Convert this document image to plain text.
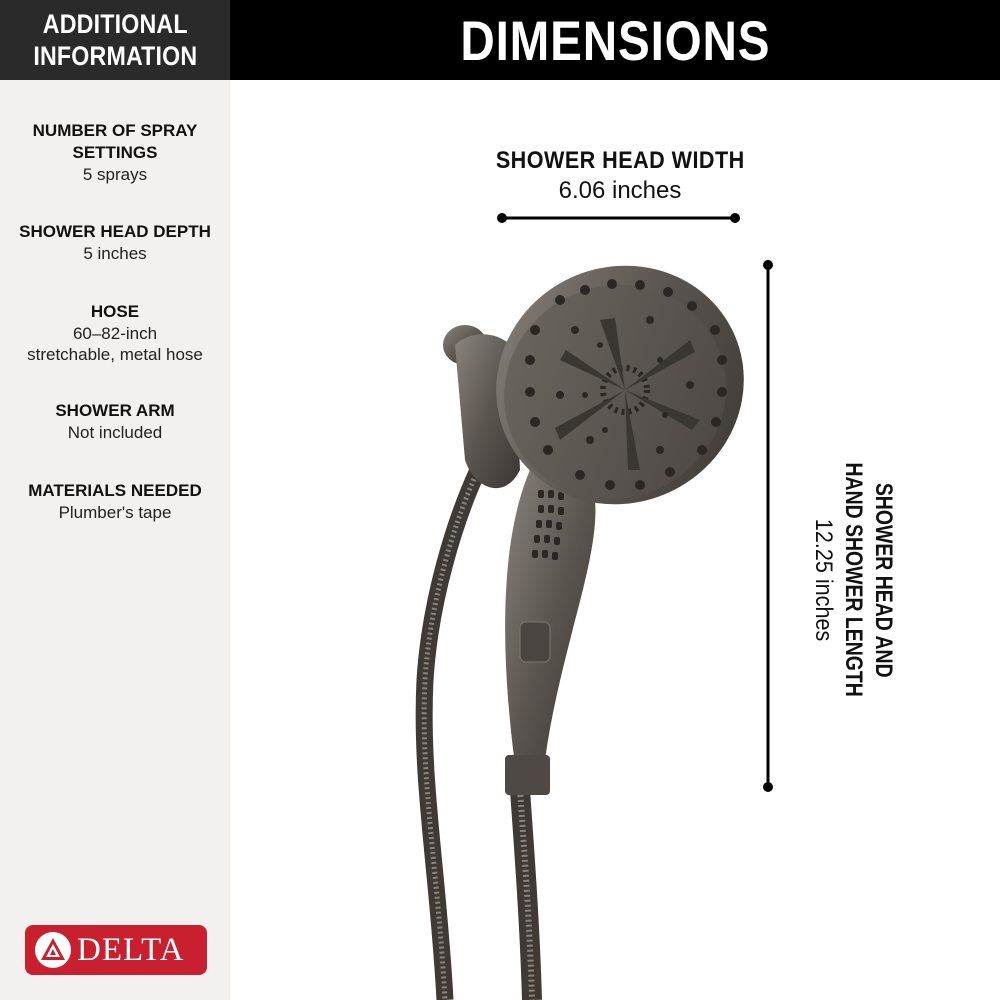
ADDITIONAL
INFORMATION	DIMENSIONS
NUMBER OF SPRAY
SETTINGS
5 sprays
SHOWER HEAD DEPTH
5 inches
HOSE
60–82-inch
stretchable, metal hose
SHOWER ARM
Not included
MATERIALS NEEDED
Plumber's tape
DELTA
SHOWER HEAD WIDTH
6.06 inches
SHOWER HEAD AND HAND SHOWER LENGTH 12.25 inches
